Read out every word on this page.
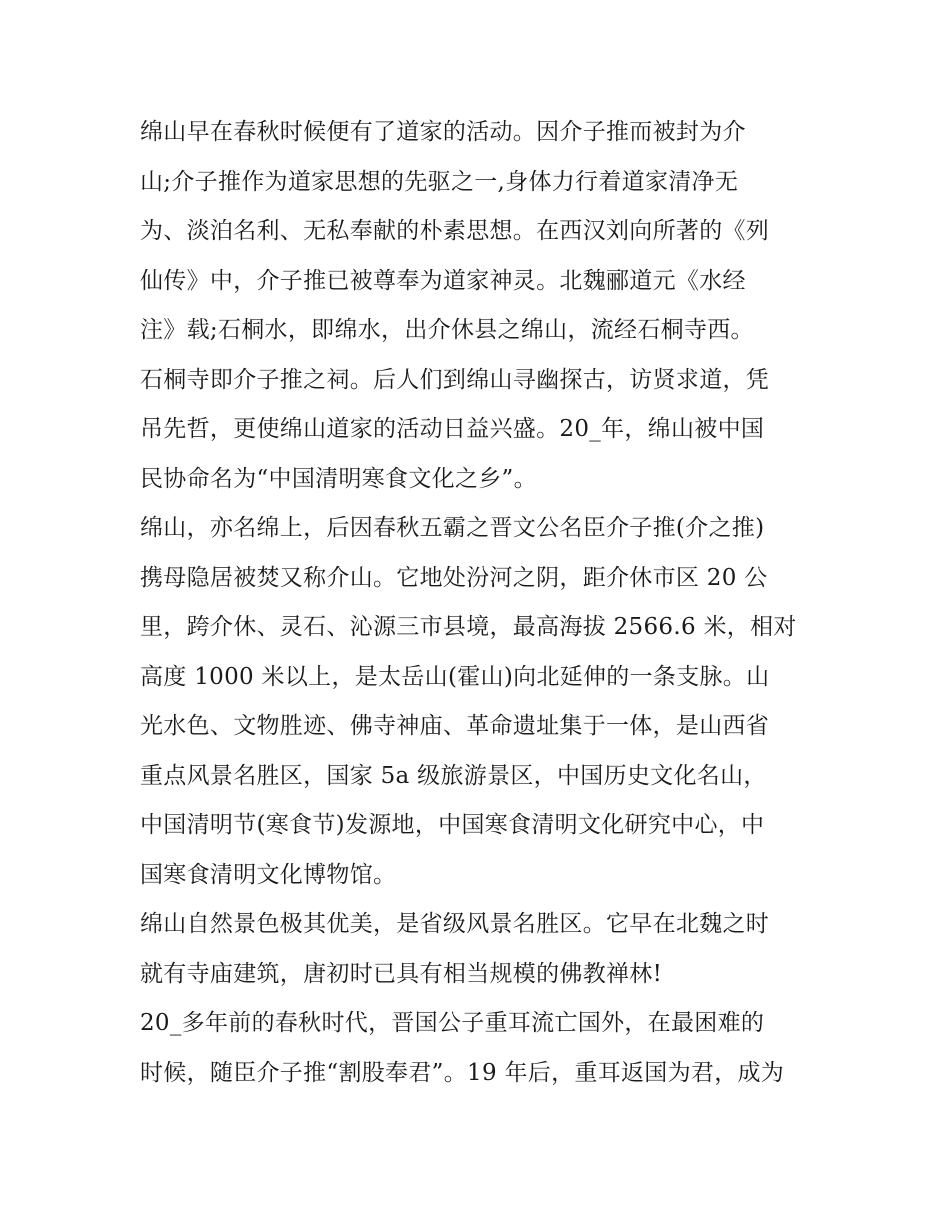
绵山早在春秋时候便有了道家的活动。因介子推而被封为介
山;介子推作为道家思想的先驱之一,身体力行着道家清净无
为、淡泊名利、无私奉献的朴素思想。在西汉刘向所著的《列
仙传》中，介子推已被尊奉为道家神灵。北魏郦道元《水经
注》载;石桐水，即绵水，出介休县之绵山，流经石桐寺西。
石桐寺即介子推之祠。后人们到绵山寻幽探古，访贤求道，凭
吊先哲，更使绵山道家的活动日益兴盛。20_年，绵山被中国
民协命名为“中国清明寒食文化之乡”。
绵山，亦名绵上，后因春秋五霸之晋文公名臣介子推(介之推)
携母隐居被焚又称介山。它地处汾河之阴，距介休市区 20 公
里，跨介休、灵石、沁源三市县境，最高海拔 2566.6 米，相对
高度 1000 米以上，是太岳山(霍山)向北延伸的一条支脉。山
光水色、文物胜迹、佛寺神庙、革命遗址集于一体，是山西省
重点风景名胜区，国家 5a 级旅游景区，中国历史文化名山，
中国清明节(寒食节)发源地，中国寒食清明文化研究中心，中
国寒食清明文化博物馆。
绵山自然景色极其优美，是省级风景名胜区。它早在北魏之时
就有寺庙建筑，唐初时已具有相当规模的佛教禅林!
20_多年前的春秋时代，晋国公子重耳流亡国外，在最困难的
时候，随臣介子推“割股奉君”。19 年后，重耳返国为君，成为
